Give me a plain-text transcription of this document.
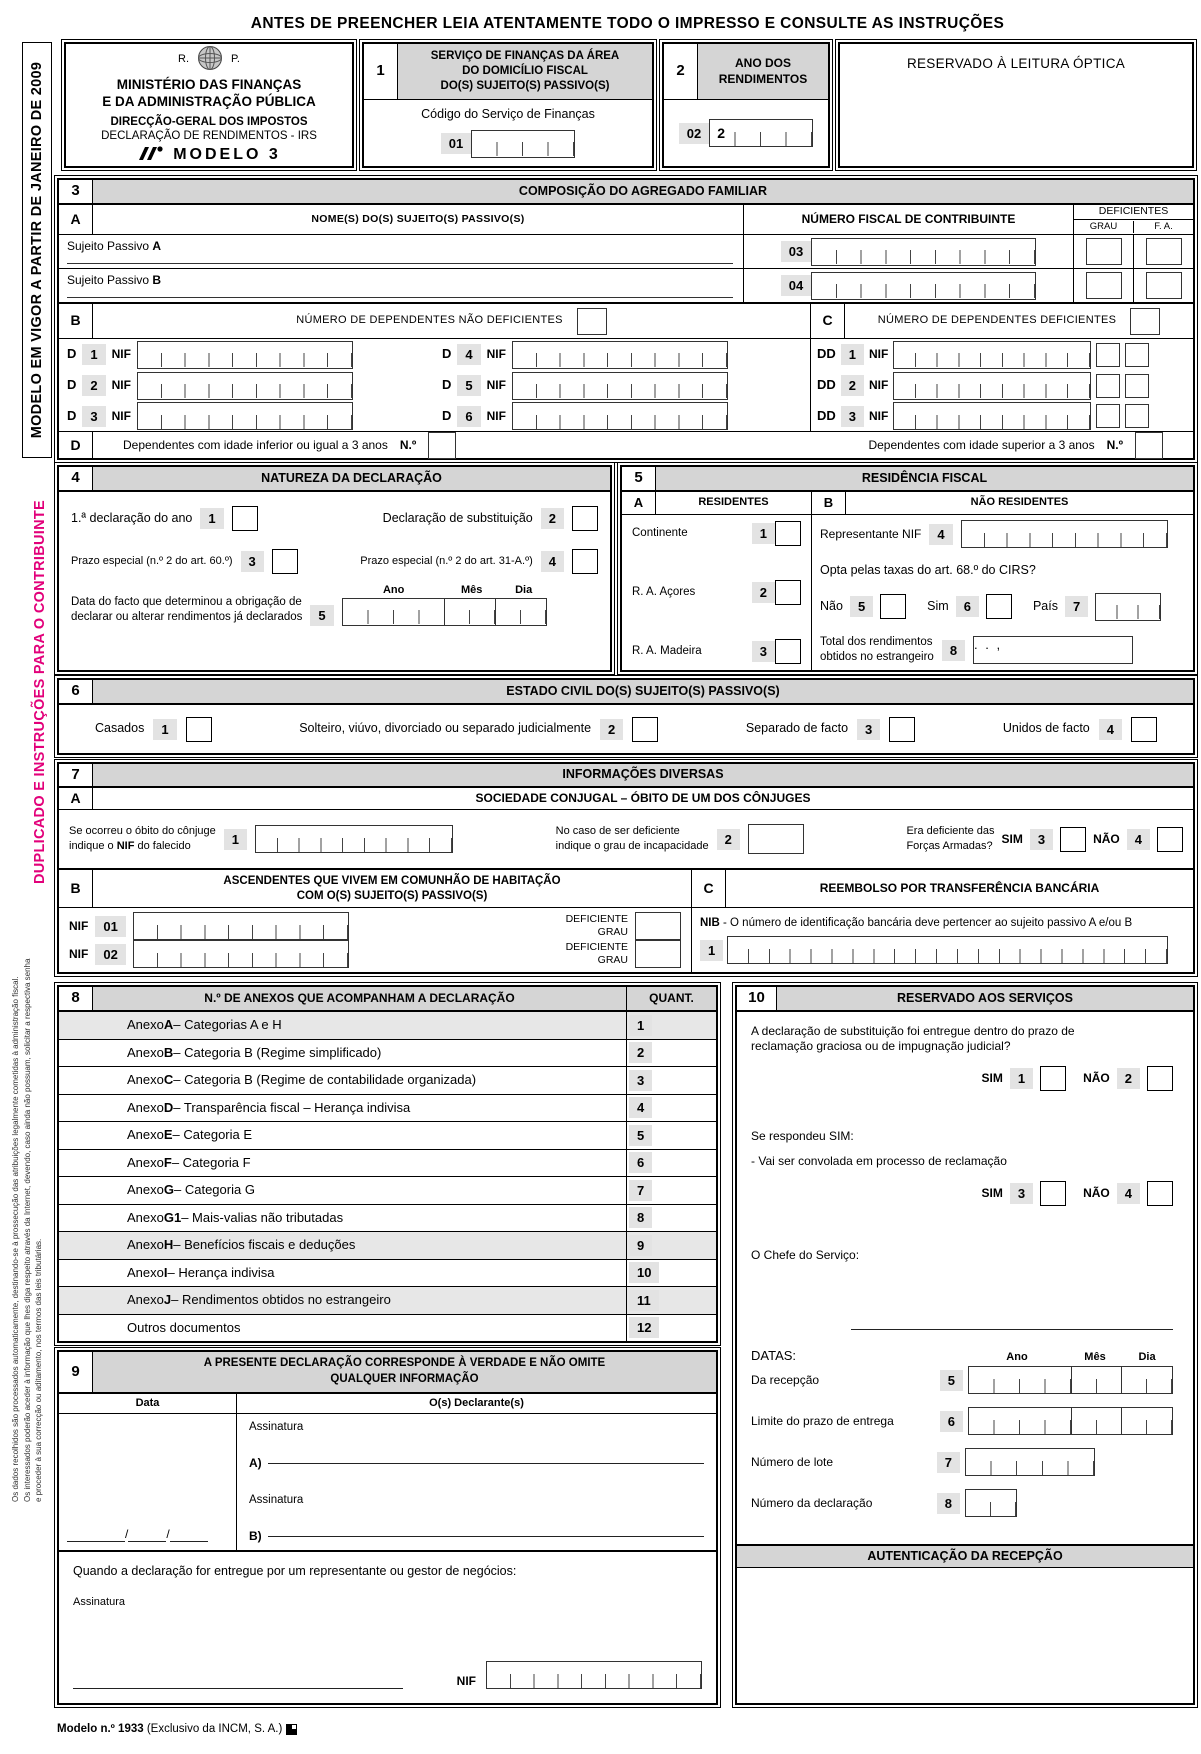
ANTES DE PREENCHER LEIA ATENTAMENTE TODO O IMPRESSO E CONSULTE AS INSTRUÇÕES
MODELO EM VIGOR A PARTIR DE JANEIRO DE 2009
DUPLICADO E INSTRUÇÕES PARA O CONTRIBUINTE
Os dados recolhidos são processados automaticamente, destinando-se à prossecução das atribuições legalmente cometidas à administração fiscal. Os interessados poderão aceder à informação que lhes diga respeito através da Internet, devendo, caso ainda não possuam, solicitar a respectiva senha e proceder à sua correcção ou aditamento, nos termos das leis tributárias.
R.	P.
MINISTÉRIO DAS FINANÇAS
E DA ADMINISTRAÇÃO PÚBLICA
DIRECÇÃO-GERAL DOS IMPOSTOS
DECLARAÇÃO DE RENDIMENTOS - IRS
MODELO 3
1
SERVIÇO DE FINANÇAS DA ÁREA
DO DOMICÍLIO FISCAL
DO(S) SUJEITO(S) PASSIVO(S)
Código do Serviço de Finanças
01
2	ANO DOS
RENDIMENTOS
02	2
RESERVADO À LEITURA ÓPTICA
3	COMPOSIÇÃO DO AGREGADO FAMILIAR
A	NOME(S) DO(S) SUJEITO(S) PASSIVO(S)	NÚMERO FISCAL DE CONTRIBUINTE
DEFICIENTES
GRAU	F. A.
Sujeito Passivo A	03
Sujeito Passivo B	04
B	NÚMERO DE DEPENDENTES NÃO DEFICIENTES	C	NÚMERO DE DEPENDENTES DEFICIENTES
D	1	NIF	D	4	NIF	DD	1	NIF
D	2	NIF	D	5	NIF	DD	2	NIF
D	3	NIF	D	6	NIF	DD	3	NIF
D	Dependentes com idade inferior ou igual a 3 anos N.º	Dependentes com idade superior a 3 anos N.º
4	NATUREZA DA DECLARAÇÃO
1.ª declaração do ano	1	Declaração de substituição	2
Prazo especial (n.º 2 do art. 60.º)	3	Prazo especial (n.º 2 do art. 31-A.º)	4
Data do facto que determinou a obrigação de
declarar ou alterar rendimentos já declarados	5
Ano	Mês	Dia
5	RESIDÊNCIA FISCAL
A	RESIDENTES	B	NÃO RESIDENTES
Continente	1
R. A. Açores	2
R. A. Madeira	3
Representante NIF	4
Opta pelas taxas do art. 68.º do CIRS?
Não	5	Sim	6	País	7
Total dos rendimentos
obtidos no estrangeiro	8	. . ,
6	ESTADO CIVIL DO(S) SUJEITO(S) PASSIVO(S)
Casados	1	Solteiro, viúvo, divorciado ou separado judicialmente	2	Separado de facto	3	Unidos de facto	4
7	INFORMAÇÕES DIVERSAS
A	SOCIEDADE CONJUGAL – ÓBITO DE UM DOS CÔNJUGES
Se ocorreu o óbito do cônjuge
indique o NIF do falecido	1
No caso de ser deficiente
indique o grau de incapacidade	2
Era deficiente das
Forças Armadas?
SIM	3	NÃO	4
B	ASCENDENTES QUE VIVEM EM COMUNHÃO DE HABITAÇÃO
COM O(S) SUJEITO(S) PASSIVO(S)	C	REEMBOLSO POR TRANSFERÊNCIA BANCÁRIA
NIF	01	DEFICIENTE
GRAU
NIF	02	DEFICIENTE
GRAU
NIB - O número de identificação bancária deve pertencer ao sujeito passivo A e/ou B
1
8	N.º DE ANEXOS QUE ACOMPANHAM A DECLARAÇÃO	QUANT.
Anexo A – Categorias A e H	1
Anexo B – Categoria B (Regime simplificado)	2
Anexo C – Categoria B (Regime de contabilidade organizada)	3
Anexo D – Transparência fiscal – Herança indivisa	4
Anexo E – Categoria E	5
Anexo F – Categoria F	6
Anexo G – Categoria G	7
Anexo G1 – Mais-valias não tributadas	8
Anexo H – Benefícios fiscais e deduções	9
Anexo I – Herança indivisa	10
Anexo J – Rendimentos obtidos no estrangeiro	11
Outros documentos	12
9	A PRESENTE DECLARAÇÃO CORRESPONDE À VERDADE E NÃO OMITE
QUALQUER INFORMAÇÃO
Data	O(s) Declarante(s)
/	/
Assinatura
A)
Assinatura
B)
Quando a declaração for entregue por um representante ou gestor de negócios:
Assinatura
NIF
10	RESERVADO AOS SERVIÇOS
A declaração de substituição foi entregue dentro do prazo de
reclamação graciosa ou de impugnação judicial?
SIM	1	NÃO	2
Se respondeu SIM:
- Vai ser convolada em processo de reclamação
SIM	3	NÃO	4
O Chefe do Serviço:
DATAS:	Ano	Mês	Dia
Da recepção	5
Limite do prazo de entrega	6
Número de lote	7
Número da declaração	8
AUTENTICAÇÃO DA RECEPÇÃO
Modelo n.º 1933 (Exclusivo da INCM, S. A.)
